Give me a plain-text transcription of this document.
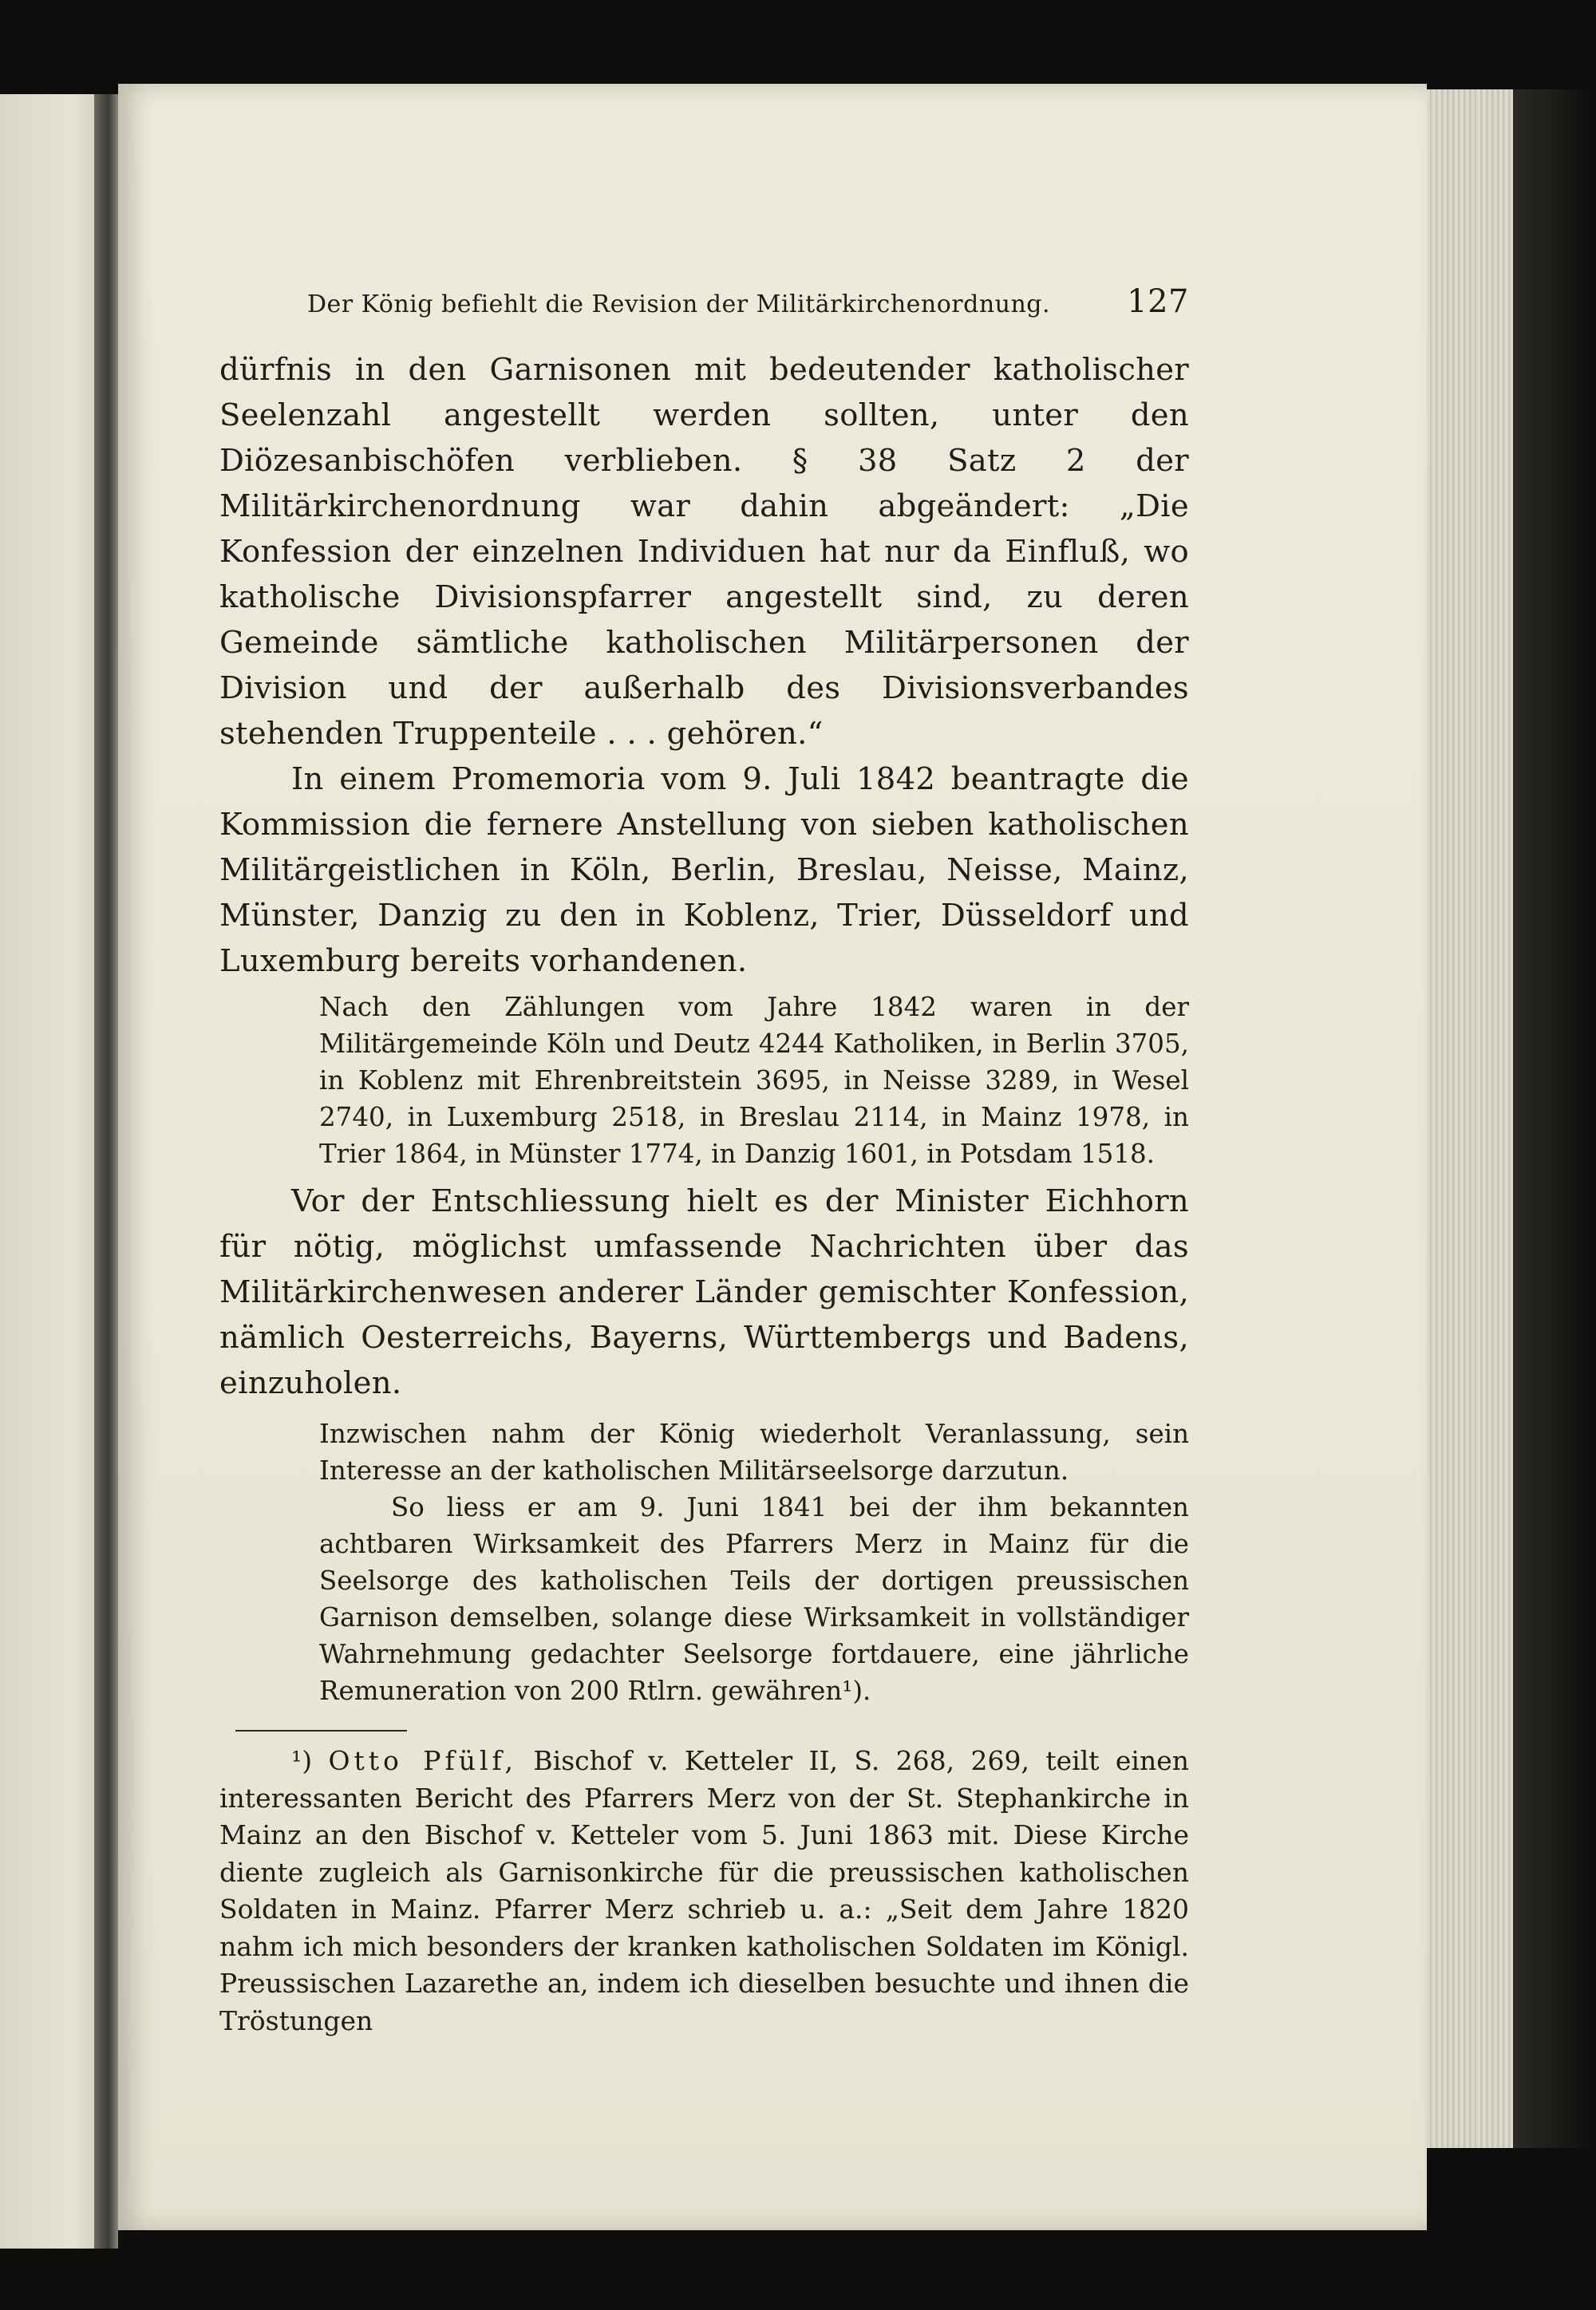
Der König befiehlt die Revision der Militärkirchenordnung. 127

dürfnis in den Garnisonen mit bedeutender katholischer Seelenzahl angestellt werden sollten, unter den Diözesanbischöfen verblieben. § 38 Satz 2 der Militärkirchenordnung war dahin abgeändert: „Die Konfession der einzelnen Individuen hat nur da Einfluß, wo katholische Divisionspfarrer angestellt sind, zu deren Gemeinde sämtliche katholischen Militärpersonen der Division und der außerhalb des Divisionsverbandes stehenden Truppenteile . . . gehören.“

In einem Promemoria vom 9. Juli 1842 beantragte die Kommission die fernere Anstellung von sieben katholischen Militärgeistlichen in Köln, Berlin, Breslau, Neisse, Mainz, Münster, Danzig zu den in Koblenz, Trier, Düsseldorf und Luxemburg bereits vorhandenen.

Nach den Zählungen vom Jahre 1842 waren in der Militärgemeinde Köln und Deutz 4244 Katholiken, in Berlin 3705, in Koblenz mit Ehrenbreitstein 3695, in Neisse 3289, in Wesel 2740, in Luxemburg 2518, in Breslau 2114, in Mainz 1978, in Trier 1864, in Münster 1774, in Danzig 1601, in Potsdam 1518.

Vor der Entschliessung hielt es der Minister Eichhorn für nötig, möglichst umfassende Nachrichten über das Militärkirchenwesen anderer Länder gemischter Konfession, nämlich Oesterreichs, Bayerns, Württembergs und Badens, einzuholen.

Inzwischen nahm der König wiederholt Veranlassung, sein Interesse an der katholischen Militärseelsorge darzutun.

So liess er am 9. Juni 1841 bei der ihm bekannten achtbaren Wirksamkeit des Pfarrers Merz in Mainz für die Seelsorge des katholischen Teils der dortigen preussischen Garnison demselben, solange diese Wirksamkeit in vollständiger Wahrnehmung gedachter Seelsorge fortdauere, eine jährliche Remuneration von 200 Rtlrn. gewähren¹).

¹) Otto Pfülf, Bischof v. Ketteler II, S. 268, 269, teilt einen interessanten Bericht des Pfarrers Merz von der St. Stephankirche in Mainz an den Bischof v. Ketteler vom 5. Juni 1863 mit. Diese Kirche diente zugleich als Garnisonkirche für die preussischen katholischen Soldaten in Mainz. Pfarrer Merz schrieb u. a.: „Seit dem Jahre 1820 nahm ich mich besonders der kranken katholischen Soldaten im Königl. Preussischen Lazarethe an, indem ich dieselben besuchte und ihnen die Tröstungen
